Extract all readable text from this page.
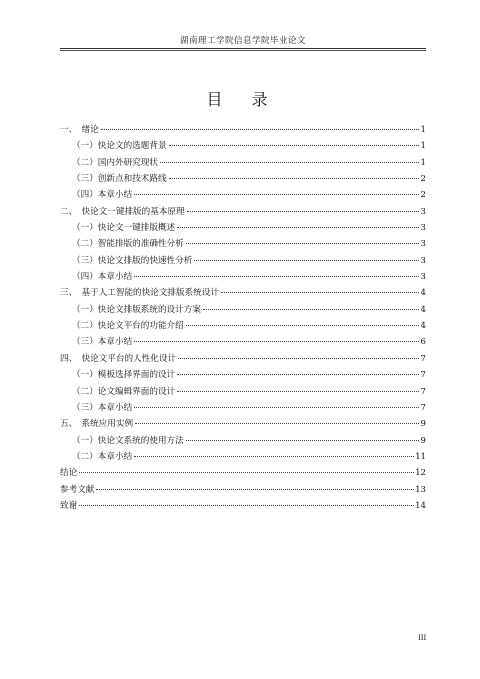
湖南理工学院信息学院毕业论文
目 录
一、　绪论	1
（一）快论文的选题背景	1
（二）国内外研究现状	1
（三）创新点和技术路线	2
（四）本章小结	2
二、　快论文一键排版的基本原理	3
（一）快论文一键排版概述	3
（二）智能排版的准确性分析	3
（三）快论文排版的快速性分析	3
（四）本章小结	3
三、　基于人工智能的快论文排版系统设计	4
（一）快论文排版系统的设计方案	4
（二）快论文平台的功能介绍	4
（三）本章小结	6
四、　快论文平台的人性化设计	7
（一）模板选择界面的设计	7
（二）论文编辑界面的设计	7
（三）本章小结	7
五、　系统应用实例	9
（一）快论文系统的使用方法	9
（二）本章小结	11
结论	12
参考文献	13
致谢	14
III
